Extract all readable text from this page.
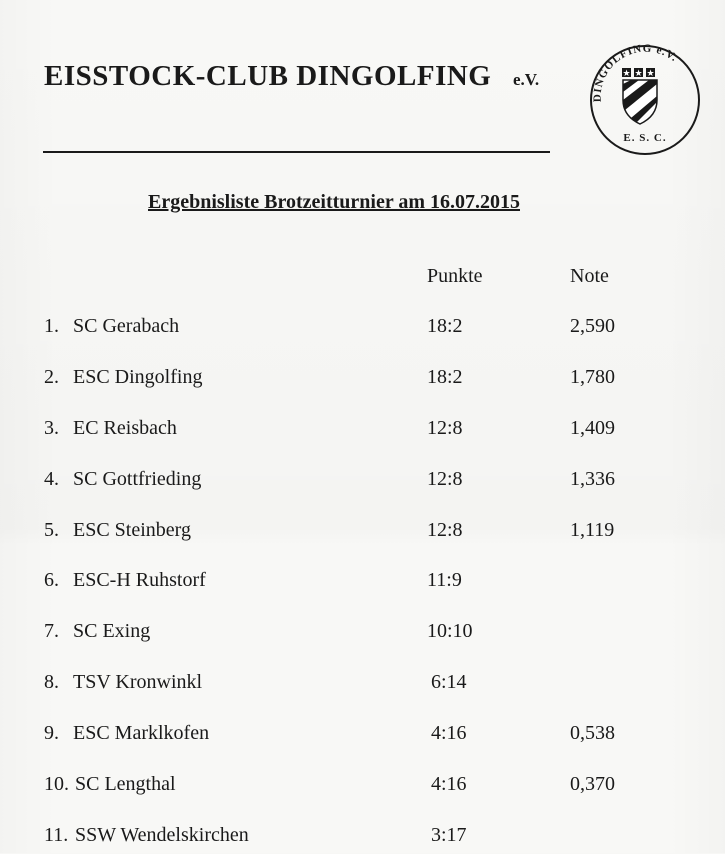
EISSTOCK-CLUB DINGOLFING e.V.
DINGOLFING e.V.
★ ★ ★
E. S. C.
Ergebnisliste Brotzeitturnier am 16.07.2015
Punkte	Note
1. SC Gerabach	18:2	2,590
2. ESC Dingolfing	18:2	1,780
3. EC Reisbach	12:8	1,409
4. SC Gottfrieding	12:8	1,336
5. ESC Steinberg	12:8	1,119
6. ESC-H Ruhstorf	11:9
7. SC Exing	10:10
8. TSV Kronwinkl	6:14
9. ESC Marklkofen	4:16	0,538
10. SC Lengthal	4:16	0,370
11. SSW Wendelskirchen	3:17
